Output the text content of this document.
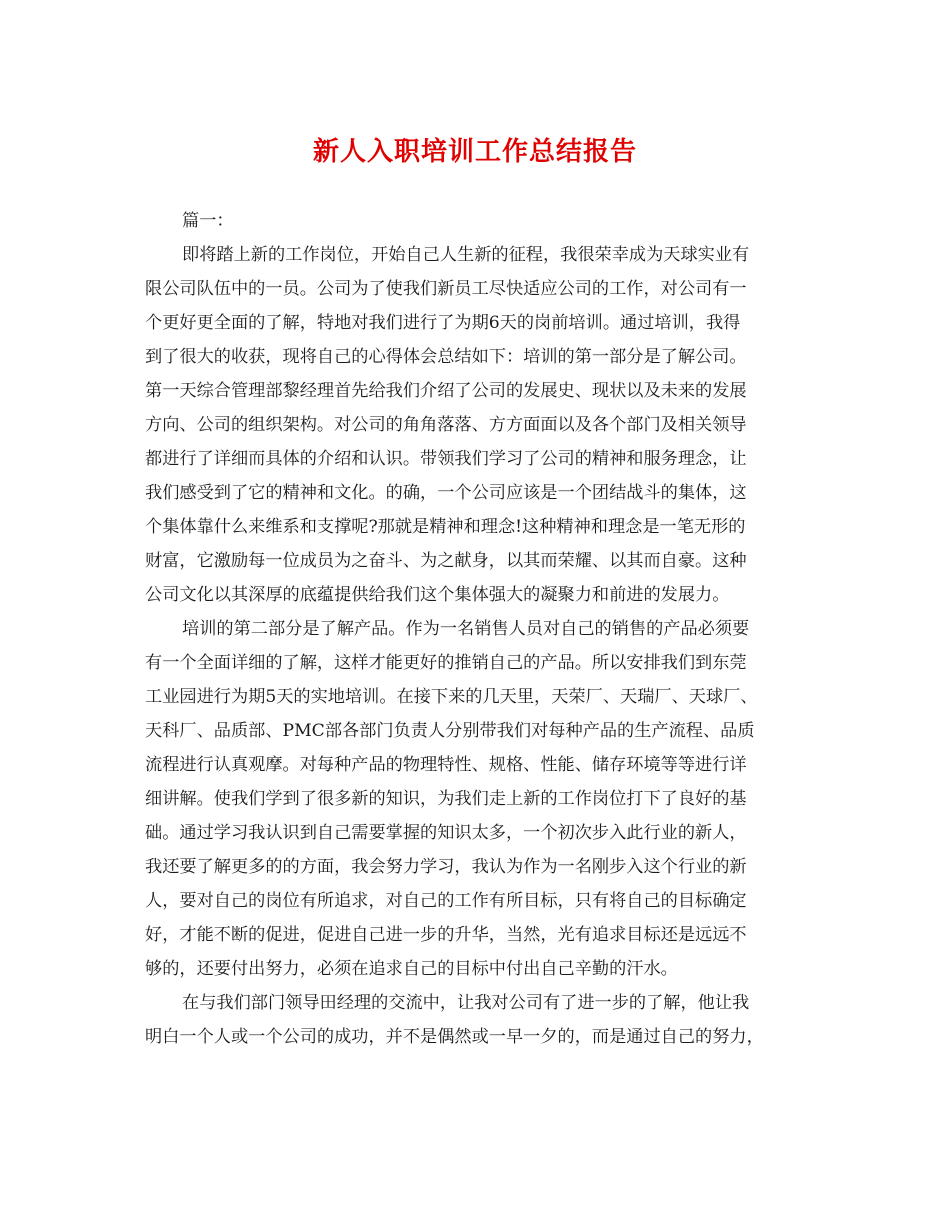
新人入职培训工作总结报告
篇一：
即将踏上新的工作岗位，开始自己人生新的征程，我很荣幸成为天球实业有
限公司队伍中的一员。公司为了使我们新员工尽快适应公司的工作，对公司有一
个更好更全面的了解，特地对我们进行了为期6天的岗前培训。通过培训，我得
到了很大的收获，现将自己的心得体会总结如下：培训的第一部分是了解公司。
第一天综合管理部黎经理首先给我们介绍了公司的发展史、现状以及未来的发展
方向、公司的组织架构。对公司的角角落落、方方面面以及各个部门及相关领导
都进行了详细而具体的介绍和认识。带领我们学习了公司的精神和服务理念，让
我们感受到了它的精神和文化。的确，一个公司应该是一个团结战斗的集体，这
个集体靠什么来维系和支撑呢?那就是精神和理念!这种精神和理念是一笔无形的
财富，它激励每一位成员为之奋斗、为之献身，以其而荣耀、以其而自豪。这种
公司文化以其深厚的底蕴提供给我们这个集体强大的凝聚力和前进的发展力。
培训的第二部分是了解产品。作为一名销售人员对自己的销售的产品必须要
有一个全面详细的了解，这样才能更好的推销自己的产品。所以安排我们到东莞
工业园进行为期5天的实地培训。在接下来的几天里，天荣厂、天瑞厂、天球厂、
天科厂、品质部、PMC部各部门负责人分别带我们对每种产品的生产流程、品质
流程进行认真观摩。对每种产品的物理特性、规格、性能、储存环境等等进行详
细讲解。使我们学到了很多新的知识，为我们走上新的工作岗位打下了良好的基
础。通过学习我认识到自己需要掌握的知识太多，一个初次步入此行业的新人，
我还要了解更多的的方面，我会努力学习，我认为作为一名刚步入这个行业的新
人，要对自己的岗位有所追求，对自己的工作有所目标，只有将自己的目标确定
好，才能不断的促进，促进自己进一步的升华，当然，光有追求目标还是远远不
够的，还要付出努力，必须在追求自己的目标中付出自己辛勤的汗水。
在与我们部门领导田经理的交流中，让我对公司有了进一步的了解，他让我
明白一个人或一个公司的成功，并不是偶然或一早一夕的，而是通过自己的努力，
